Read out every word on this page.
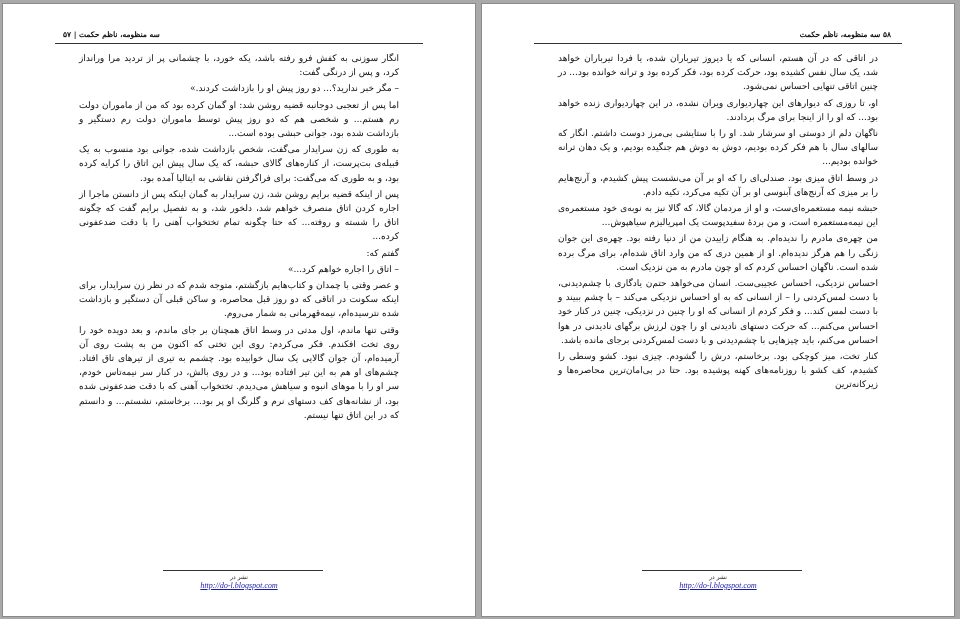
سه منظومه، ناظم حکمت | ۵۷

انگار سوزنی به کفش فرو رفته باشد، یکه خورد، با چشمانی پر از تردید مرا ورانداز کرد، و پس از درنگی گفت:

– مگر خبر ندارید؟... دو روز پیش او را بازداشت کردند.»

اما پس از تعجبی دوجانبه قضیه روشن شد: او گمان کرده بود که من از ماموران دولت رم هستم... و شخصی هم که دو روز پیش توسط ماموران دولت رم دستگیر و بازداشت شده بود، جوانی حبشی بوده است...

به طوری که زن سرایدار می‌گفت، شخص بازداشت شده، جوانی بود منسوب به یک قبیله‌ی بت‌پرست، از کناره‌های گالای حبشه، که یک سال پیش این اتاق را کرایه کرده بود، و به طوری که می‌گفت: برای فراگرفتن نقاشی به ایتالیا آمده بود.

پس از اینکه قضیه برایم روشن شد، زن سرایدار به گمان اینکه پس از دانستن ماجرا از اجاره کردن اتاق منصرف خواهم شد، دلخور شد، و به تفصیل برایم گفت که چگونه اتاق را شسته و روفته... که حتا چگونه تمام تختخواب آهنی را با دقت ضدعفونی کرده...

گفتم که:

– اتاق را اجاره خواهم کرد...»

و عصر وقتی با چمدان و کتاب‌هایم بازگشتم، متوجه شدم که در نظر زن سرایدار، برای اینکه سکونت در اتاقی که دو روز قبل محاصره، و ساکن قبلی آن دستگیر و بازداشت شده نترسیده‌ام، نیمه‌قهرمانی به شمار می‌روم.

وقتی تنها ماندم، اول مدتی در وسط اتاق همچنان بر جای ماندم، و بعد دویده خود را روی تخت افکندم. فکر می‌کردم: روی این تختی که اکنون من به پشت روی آن آرمیده‌ام، آن جوان گالایی یک سال خوابیده بود. چشمم به تیری از تیرهای تاق افتاد. چشم‌های او هم به این تیر افتاده بود... و در روی بالش، در کنار سر نیمه‌تاس خودم، سر او را با موهای انبوه و سیاهش می‌دیدم. تختخواب آهنی که با دقت ضدعفونی شده بود، از نشانه‌های کف دستهای نرم و گلرنگ او پر بود... برخاستم، نشستم... و دانستم که در این اتاق تنها نیستم.

نشر در
http://do-l.blogspot.com
۵۸ سه منظومه، ناظم حکمت

در اتاقی که در آن هستم، انسانی که یا دیروز تیرباران شده، یا فردا تیرباران خواهد شد، یک سال نفس کشیده بود، حرکت کرده بود، فکر کرده بود و ترانه خوانده بود... در چنین اتاقی تنهایی احساس نمی‌شود.

او، تا روزی که دیوارهای این چهاردیواری ویران نشده، در این چهاردیواری زنده خواهد بود... که او را از اینجا برای مرگ بردادند.

ناگهان دلم از دوستی او سرشار شد. او را با ستایشی بی‌مرز دوست داشتم. انگار که سالهای سال با هم فکر کرده بودیم، دوش به دوش هم جنگیده بودیم، و یک دهان ترانه خوانده بودیم...

در وسط اتاق میزی بود. صندلی‌ای را که او بر آن می‌نشست پیش کشیدم، و آرنج‌هایم را بر میزی که آرنج‌های آبنوسی او بر آن تکیه می‌کرد، تکیه دادم.

حبشه نیمه مستعمره‌ای‌ست، و او از مردمان گالا، که گالا نیز به نوبه‌ی خود مستعمره‌ی این نیمه‌مستعمره است، و من بردهٔ سفیدپوست یک امپریالیزم سیاهپوش...

من چهره‌ی مادرم را ندیده‌ام. به هنگام زاییدن من از دنیا رفته بود. چهره‌ی این جوان زنگی را هم هرگز ندیده‌ام. او از همین دری که من وارد اتاق شده‌ام، برای مرگ برده شده است. ناگهان احساس کردم که او چون مادرم به من نزدیک است.

احساس نزدیکی، احساس عجیبی‌ست. انسان می‌خواهد حتم‌ن یادگاری با چشم‌دیدنی، با دست لمس‌کردنی را – از انسانی که به او احساس نزدیکی می‌کند – با چشم ببیند و با دست لمس کند... و فکر کردم از انسانی که او را چنین در نزدیکی، چنین در کنار خود احساس می‌کنم... که حرکت دستهای نادیدنی او را چون لرزش برگهای نادیدنی در هوا احساس می‌کنم، باید چیزهایی با چشم‌دیدنی و با دست لمس‌کردنی برجای مانده باشد.

کنار تخت، میز کوچکی بود. برخاستم، درش را گشودم. چیزی نبود. کشو وسطی را کشیدم، کف کشو با روزنامه‌های کهنه پوشیده بود. حتا در بی‌امان‌ترین محاصره‌ها و زیرکانه‌ترین

نشر در
http://do-l.blogspot.com
